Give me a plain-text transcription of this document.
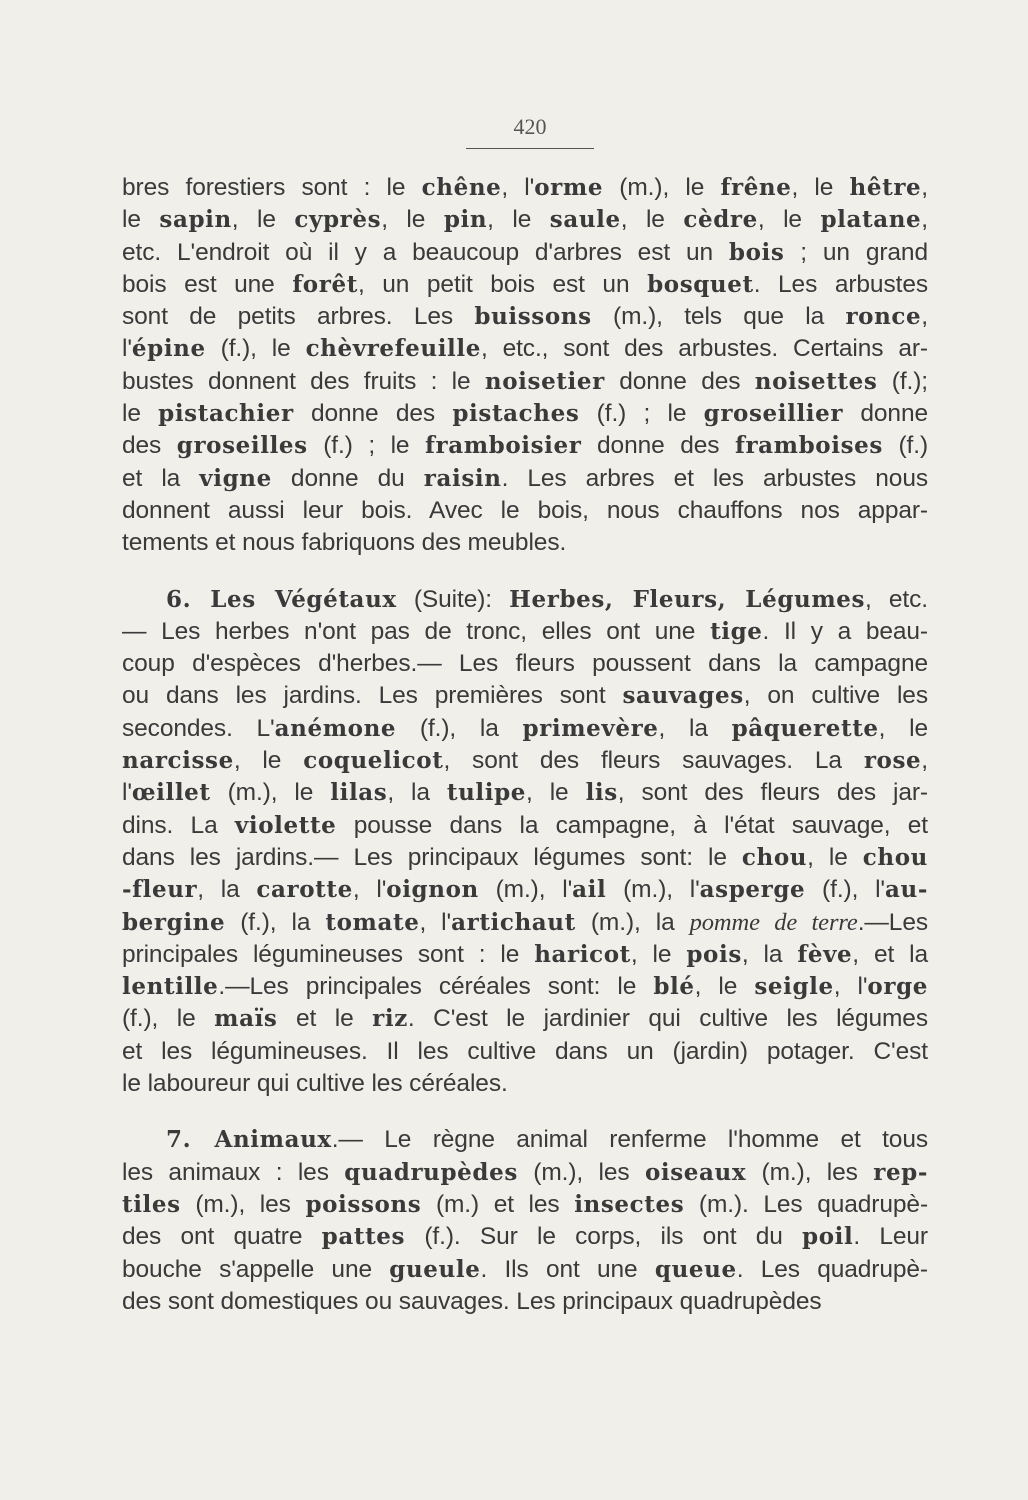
420
bres forestiers sont : le chêne, l'orme (m.), le frêne, le hêtre,
le sapin, le cyprès, le pin, le saule, le cèdre, le platane,
etc. L'endroit où il y a beaucoup d'arbres est un bois ; un grand
bois est une forêt, un petit bois est un bosquet. Les arbustes
sont de petits arbres. Les buissons (m.), tels que la ronce,
l'épine (f.), le chèvrefeuille, etc., sont des arbustes. Certains ar-
bustes donnent des fruits : le noisetier donne des noisettes (f.);
le pistachier donne des pistaches (f.) ; le groseillier donne
des groseilles (f.) ; le framboisier donne des framboises (f.)
et la vigne donne du raisin. Les arbres et les arbustes nous
donnent aussi leur bois. Avec le bois, nous chauffons nos appar-
tements et nous fabriquons des meubles.
6. Les Végétaux (Suite): Herbes, Fleurs, Légumes, etc.
— Les herbes n'ont pas de tronc, elles ont une tige. Il y a beau-
coup d'espèces d'herbes.— Les fleurs poussent dans la campagne
ou dans les jardins. Les premières sont sauvages, on cultive les
secondes. L'anémone (f.), la primevère, la pâquerette, le
narcisse, le coquelicot, sont des fleurs sauvages. La rose,
l'œillet (m.), le lilas, la tulipe, le lis, sont des fleurs des jar-
dins. La violette pousse dans la campagne, à l'état sauvage, et
dans les jardins.— Les principaux légumes sont: le chou, le chou
-fleur, la carotte, l'oignon (m.), l'ail (m.), l'asperge (f.), l'au-
bergine (f.), la tomate, l'artichaut (m.), la pomme de terre.—Les
principales légumineuses sont : le haricot, le pois, la fève, et la
lentille.—Les principales céréales sont: le blé, le seigle, l'orge
(f.), le maïs et le riz. C'est le jardinier qui cultive les légumes
et les légumineuses. Il les cultive dans un (jardin) potager. C'est
le laboureur qui cultive les céréales.
7. Animaux.— Le règne animal renferme l'homme et tous
les animaux : les quadrupèdes (m.), les oiseaux (m.), les rep-
tiles (m.), les poissons (m.) et les insectes (m.). Les quadrupè-
des ont quatre pattes (f.). Sur le corps, ils ont du poil. Leur
bouche s'appelle une gueule. Ils ont une queue. Les quadrupè-
des sont domestiques ou sauvages. Les principaux quadrupèdes
